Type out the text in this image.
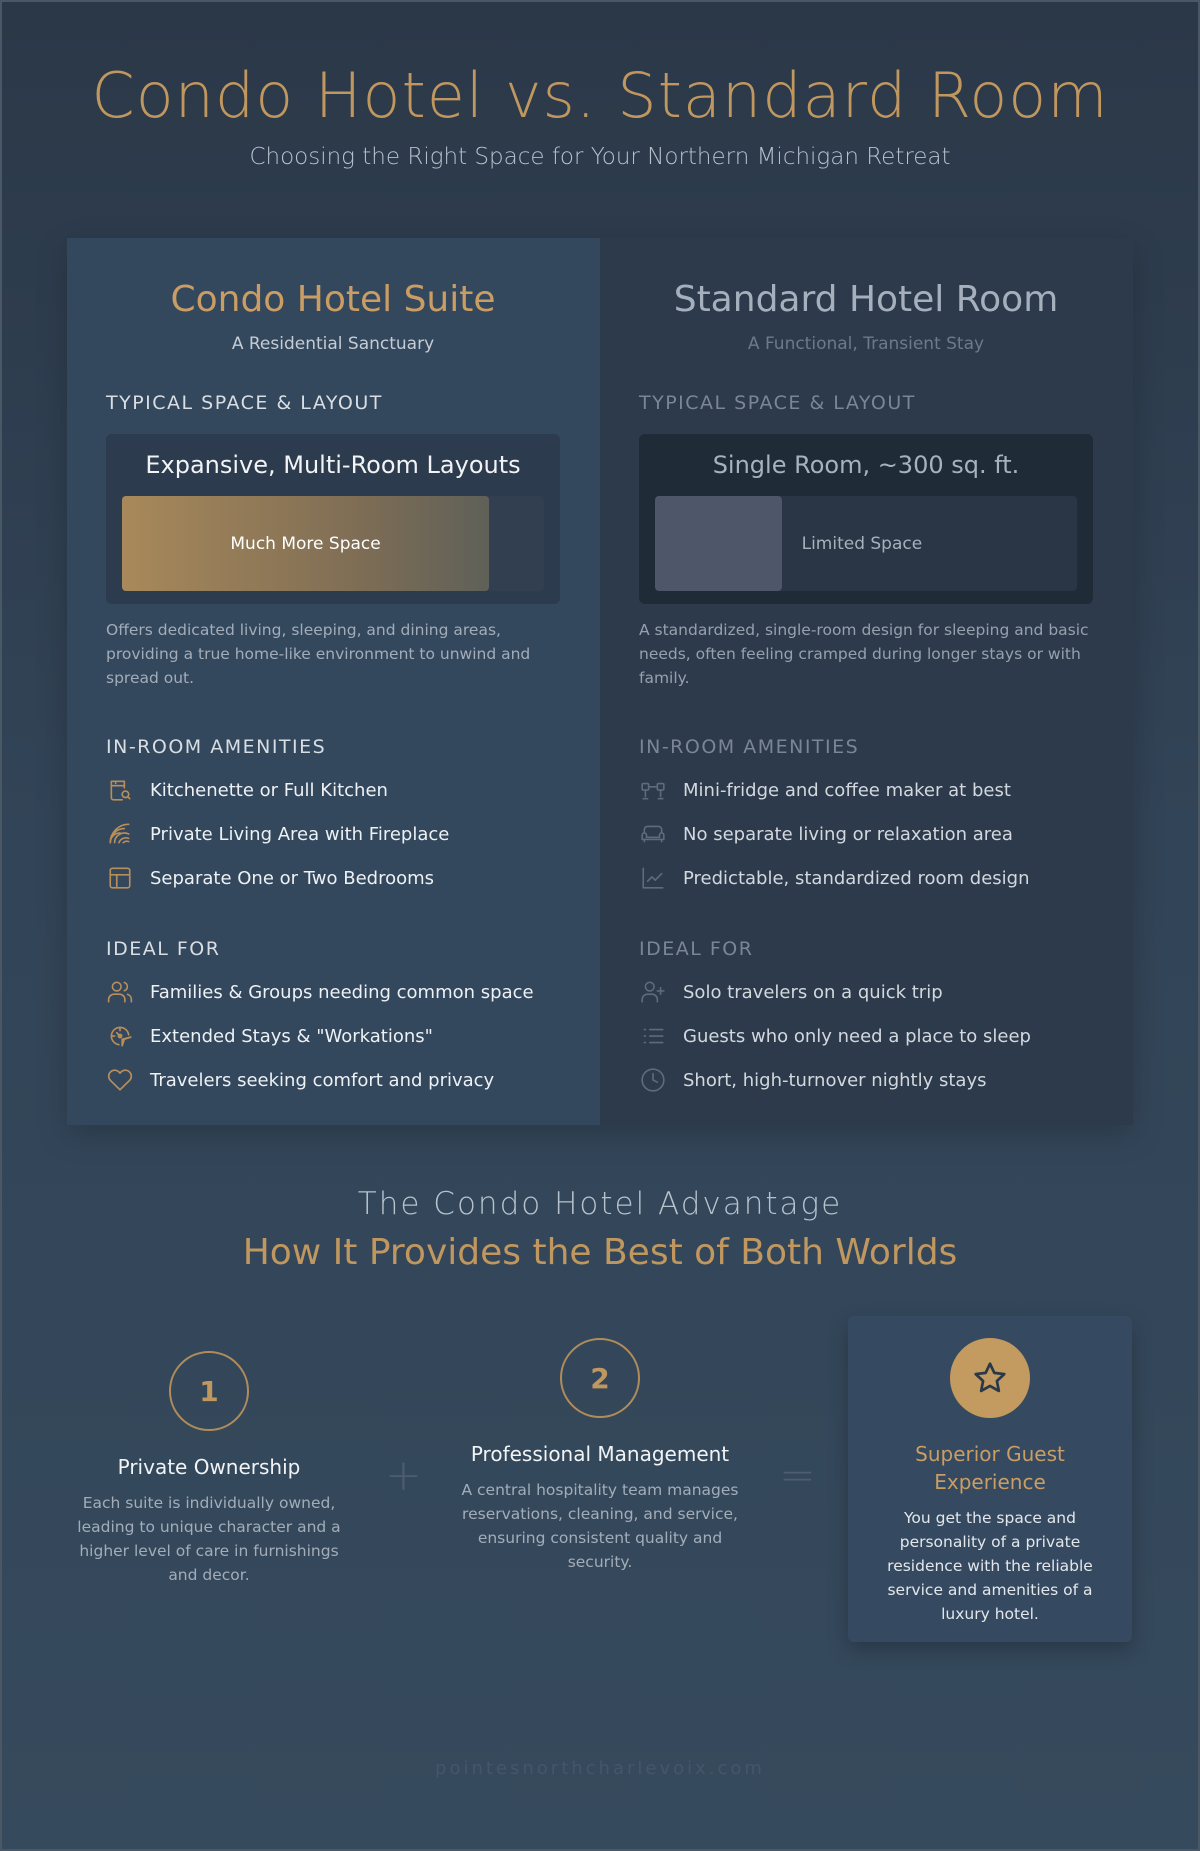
Condo Hotel vs. Standard Room
Choosing the Right Space for Your Northern Michigan Retreat
Condo Hotel Suite
A Residential Sanctuary
TYPICAL SPACE & LAYOUT
Expansive, Multi-Room Layouts
Much More Space

Offers dedicated living, sleeping, and dining areas, providing a true home-like environment to unwind and spread out.

IN-ROOM AMENITIES
Kitchenette or Full Kitchen
Private Living Area with Fireplace
Separate One or Two Bedrooms
IDEAL FOR
Families & Groups needing common space
Extended Stays & "Workations"
Travelers seeking comfort and privacy
Standard Hotel Room
A Functional, Transient Stay
TYPICAL SPACE & LAYOUT
Single Room, ~300 sq. ft.
Limited Space

A standardized, single-room design for sleeping and basic needs, often feeling cramped during longer stays or with family.

IN-ROOM AMENITIES
Mini-fridge and coffee maker at best
No separate living or relaxation area
Predictable, standardized room design
IDEAL FOR
Solo travelers on a quick trip
Guests who only need a place to sleep
Short, high-turnover nightly stays
The Condo Hotel Advantage
How It Provides the Best of Both Worlds
1
Private Ownership
Each suite is individually owned, leading to unique character and a higher level of care in furnishings and decor.
+
2
Professional Management
A central hospitality team manages reservations, cleaning, and service, ensuring consistent quality and security.
=	Superior Guest Experience
You get the space and personality of a private residence with the reliable service and amenities of a luxury hotel.
pointesnorthcharlevoix.com
